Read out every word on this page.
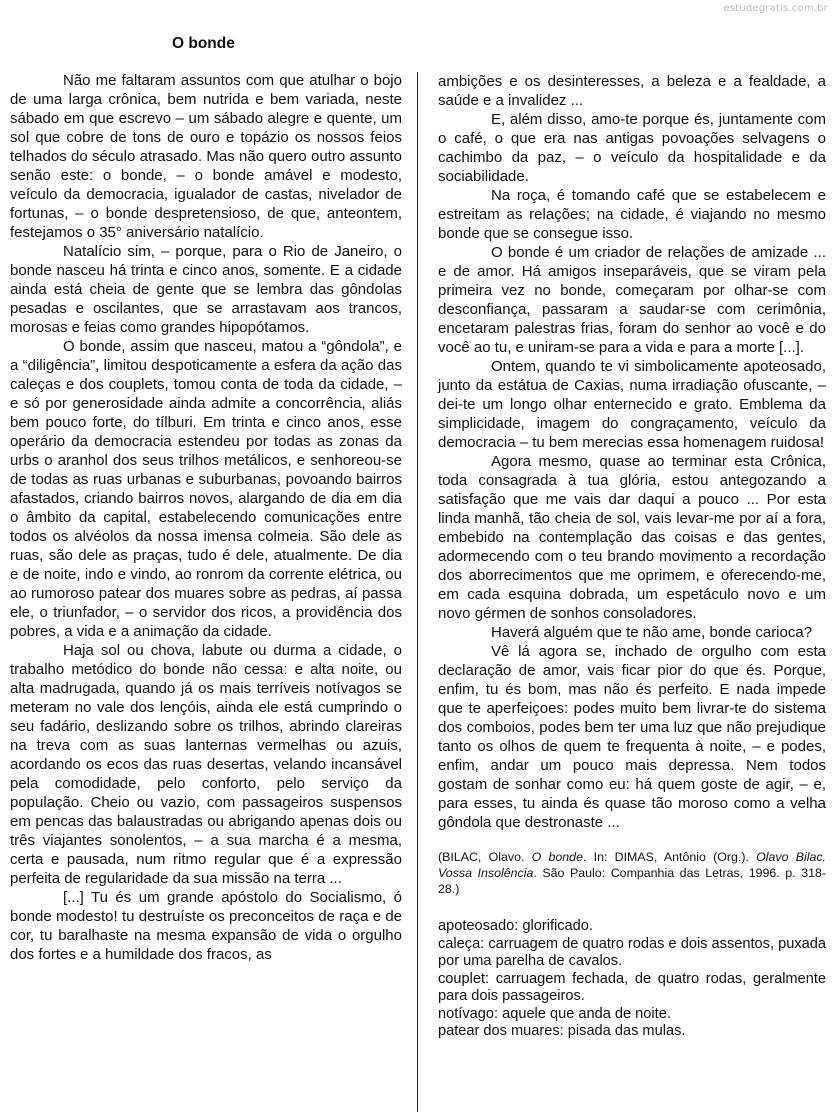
estudegratis.com.br
O bonde

Não me faltaram assuntos com que atulhar o bojo de uma larga crônica, bem nutrida e bem variada, neste sábado em que escrevo – um sábado alegre e quente, um sol que cobre de tons de ouro e topázio os nossos feios telhados do século atrasado. Mas não quero outro assunto senão este: o bonde, – o bonde amável e modesto, veículo da democracia, igualador de castas, nivelador de fortunas, – o bonde despretensioso, de que, anteontem, festejamos o 35° aniversário natalício.

Natalício sim, – porque, para o Rio de Janeiro, o bonde nasceu há trinta e cinco anos, somente. E a cidade ainda está cheia de gente que se lembra das gôndolas pesadas e oscilantes, que se arrastavam aos trancos, morosas e feias como grandes hipopótamos.

O bonde, assim que nasceu, matou a “gôndola”, e a “diligência”, limitou despoticamente a esfera da ação das caleças e dos couplets, tomou conta de toda da cidade, – e só por generosidade ainda admite a concorrência, aliás bem pouco forte, do tílburi. Em trinta e cinco anos, esse operário da democracia estendeu por todas as zonas da urbs o aranhol dos seus trilhos metálicos, e senhoreou-se de todas as ruas urbanas e suburbanas, povoando bairros afastados, criando bairros novos, alargando de dia em dia o âmbito da capital, estabelecendo comunicações entre todos os alvéolos da nossa imensa colmeia. São dele as ruas, são dele as praças, tudo é dele, atualmente. De dia e de noite, indo e vindo, ao ronrom da corrente elétrica, ou ao rumoroso patear dos muares sobre as pedras, aí passa ele, o triunfador, – o servidor dos ricos, a providência dos pobres, a vida e a animação da cidade.

Haja sol ou chova, labute ou durma a cidade, o trabalho metódico do bonde não cessa: e alta noite, ou alta madrugada, quando já os mais terríveis notívagos se meteram no vale dos lençóis, ainda ele está cumprindo o seu fadário, deslizando sobre os trilhos, abrindo clareiras na treva com as suas lanternas vermelhas ou azuis, acordando os ecos das ruas desertas, velando incansável pela comodidade, pelo conforto, pelo serviço da população. Cheio ou vazio, com passageiros suspensos em pencas das balaustradas ou abrigando apenas dois ou três viajantes sonolentos, – a sua marcha é a mesma, certa e pausada, num ritmo regular que é a expressão perfeita de regularidade da sua missão na terra ...

[...] Tu és um grande apóstolo do Socialismo, ó bonde modesto! tu destruíste os preconceitos de raça e de cor, tu baralhaste na mesma expansão de vida o orgulho dos fortes e a humildade dos fracos, as

ambições e os desinteresses, a beleza e a fealdade, a saúde e a invalidez ...

E, além disso, amo-te porque és, juntamente com o café, o que era nas antigas povoações selvagens o cachimbo da paz, – o veículo da hospitalidade e da sociabilidade.

Na roça, é tomando café que se estabelecem e estreitam as relações; na cidade, é viajando no mesmo bonde que se consegue isso.

O bonde é um criador de relações de amizade ... e de amor. Há amigos inseparáveis, que se viram pela primeira vez no bonde, começaram por olhar-se com desconfiança, passaram a saudar-se com cerimônia, encetaram palestras frias, foram do senhor ao você e do você ao tu, e uniram-se para a vida e para a morte [...].

Ontem, quando te vi simbolicamente apoteosado, junto da estátua de Caxias, numa irradiação ofuscante, – dei-te um longo olhar enternecido e grato. Emblema da simplicidade, imagem do congraçamento, veículo da democracia – tu bem merecias essa homenagem ruidosa!

Agora mesmo, quase ao terminar esta Crônica, toda consagrada à tua glória, estou antegozando a satisfação que me vais dar daqui a pouco ... Por esta linda manhã, tão cheia de sol, vais levar-me por aí a fora, embebido na contemplação das coisas e das gentes, adormecendo com o teu brando movimento a recordação dos aborrecimentos que me oprimem, e oferecendo-me, em cada esquina dobrada, um espetáculo novo e um novo gérmen de sonhos consoladores.

Haverá alguém que te não ame, bonde carioca?

Vê lá agora se, inchado de orgulho com esta declaração de amor, vais ficar pior do que és. Porque, enfim, tu és bom, mas não és perfeito. E nada impede que te aperfeiçoes: podes muito bem livrar-te do sistema dos comboios, podes bem ter uma luz que não prejudique tanto os olhos de quem te frequenta à noite, – e podes, enfim, andar um pouco mais depressa. Nem todos gostam de sonhar como eu: há quem goste de agir, – e, para esses, tu ainda és quase tão moroso como a velha gôndola que destronaste ...

(BILAC, Olavo. O bonde. In: DIMAS, Antônio (Org.). Olavo Bilac. Vossa Insolência. São Paulo: Companhia das Letras, 1996. p. 318-28.)

apoteosado: glorificado.

caleça: carruagem de quatro rodas e dois assentos, puxada por uma parelha de cavalos.

couplet: carruagem fechada, de quatro rodas, geralmente para dois passageiros.

notívago: aquele que anda de noite.

patear dos muares: pisada das mulas.
